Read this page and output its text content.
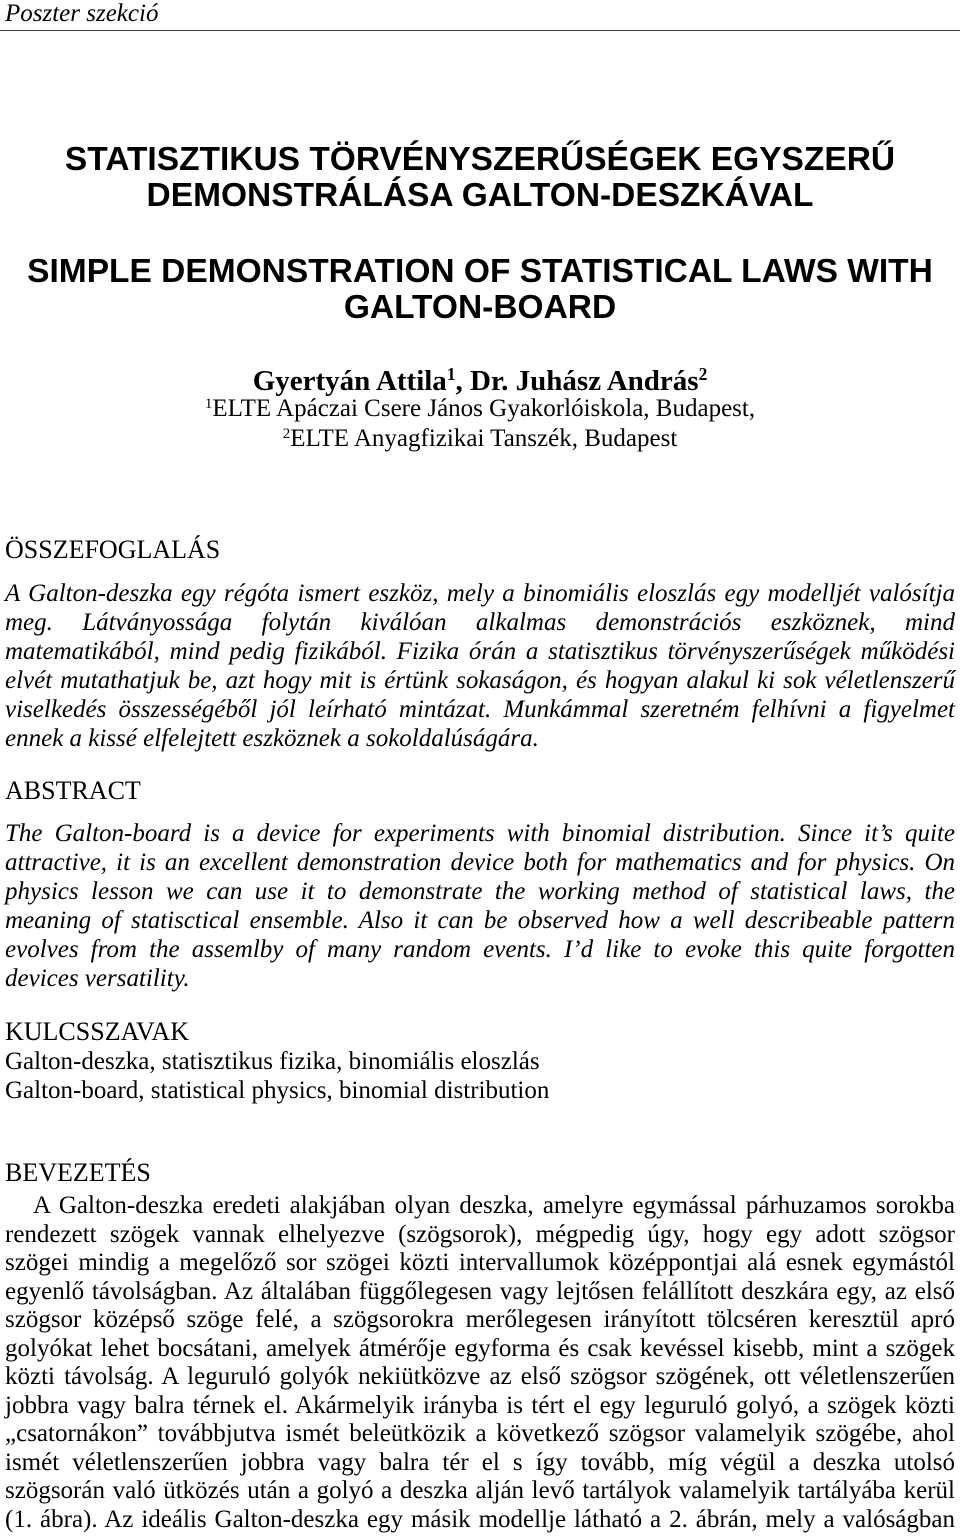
Poszter szekció
STATISZTIKUS TÖRVÉNYSZERŰSÉGEK EGYSZERŰ
DEMONSTRÁLÁSA GALTON-DESZKÁVAL
SIMPLE DEMONSTRATION OF STATISTICAL LAWS WITH
GALTON-BOARD
Gyertyán Attila$^1$, Dr. Juhász András$^2$
$^1$ELTE Apáczai Csere János Gyakorlóiskola, Budapest,
$^2$ELTE Anyagfizikai Tanszék, Budapest
ÖSSZEFOGLALÁS
A Galton-deszka egy régóta ismert eszköz, mely a binomiális eloszlás egy modelljét valósítja
meg. Látványossága folytán kiválóan alkalmas demonstrációs eszköznek, mind
matematikából, mind pedig fizikából. Fizika órán a statisztikus törvényszerűségek működési
elvét mutathatjuk be, azt hogy mit is értünk sokaságon, és hogyan alakul ki sok véletlenszerű
viselkedés összességéből jól leírható mintázat. Munkámmal szeretném felhívni a figyelmet
ennek a kissé elfelejtett eszköznek a sokoldalúságára.
ABSTRACT
The Galton-board is a device for experiments with binomial distribution. Since it’s quite
attractive, it is an excellent demonstration device both for mathematics and for physics. On
physics lesson we can use it to demonstrate the working method of statistical laws, the
meaning of statisctical ensemble. Also it can be observed how a well describeable pattern
evolves from the assemlby of many random events. I’d like to evoke this quite forgotten
devices versatility.
KULCSSZAVAK
Galton-deszka, statisztikus fizika, binomiális eloszlás
Galton-board, statistical physics, binomial distribution
BEVEZETÉS
A Galton-deszka eredeti alakjában olyan deszka, amelyre egymással párhuzamos sorokba
rendezett szögek vannak elhelyezve (szögsorok), mégpedig úgy, hogy egy adott szögsor
szögei mindig a megelőző sor szögei közti intervallumok középpontjai alá esnek egymástól
egyenlő távolságban. Az általában függőlegesen vagy lejtősen felállított deszkára egy, az első
szögsor középső szöge felé, a szögsorokra merőlegesen irányított tölcséren keresztül apró
golyókat lehet bocsátani, amelyek átmérője egyforma és csak kevéssel kisebb, mint a szögek
közti távolság. A leguruló golyók nekiütközve az első szögsor szögének, ott véletlenszerűen
jobbra vagy balra térnek el. Akármelyik irányba is tért el egy leguruló golyó, a szögek közti
„csatornákon” továbbjutva ismét beleütközik a következő szögsor valamelyik szögébe, ahol
ismét véletlenszerűen jobbra vagy balra tér el s így tovább, míg végül a deszka utolsó
szögsorán való ütközés után a golyó a deszka alján levő tartályok valamelyik tartályába kerül
(1. ábra). Az ideális Galton-deszka egy másik modellje látható a 2. ábrán, mely a valóságban
